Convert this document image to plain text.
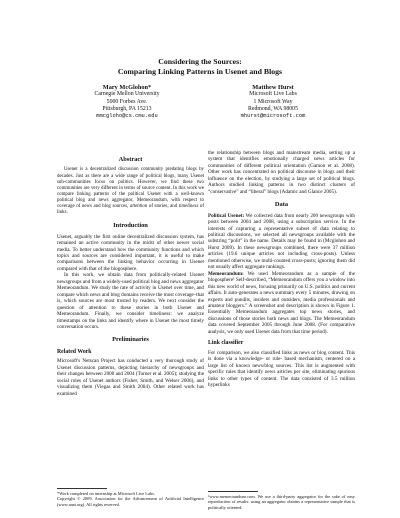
Considering the Sources:
Comparing Linking Patterns in Usenet and Blogs
Mary McGlohon*
Carnegie Mellon University
5000 Forbes Ave.
Pittsburgh, PA 15213
mmcgloho@cs.cmu.edu
Matthew Hurst
Microsoft Live Labs
1 Microsoft Way
Redmond, WA 98005
mhurst@microsoft.com
Abstract

Usenet is a decentralized discussion community predating blogs by decades. Just as there are a wide range of political blogs, many Usenet sub-communities focus on politics. However, we find these two communities are very different in terms of source content. In this work we compare linking patterns of the political Usenet with a well-known political blog and news aggregator, Memeorandum, with respect to coverage of news and blog sources, attention of stories, and timeliness of links.

Introduction

Usenet, arguably the first online decentralized discussion system, has remained an active community in the midst of other newer social media. To better understand how the community functions and which topics and sources are considered important, it is useful to make comparisons between the linking behavior occurring in Usenet compared with that of the blogosphere.

In this work, we obtain data from politically-related Usenet newsgroups and from a widely-used political blog and news aggregator Memeorandum. We study the rate of activity in Usenet over time, and compare which news and blog domains receive the most coverage–that is, which sources are most trusted by readers. We next consider the question of attention to these stories in both Usenet and Memeorandum. Finally, we consider timeliness: we analyze timestamps on the links and identify where in Usenet the most timely conversation occurs.

Preliminaries
Related Work

Microsoft's Netscan Project has conducted a very thorough study of Usenet discussion patterns, depicting hierarchy of newsgroups and their changes between 2000 and 2004 (Turner et al. 2005); studying the social roles of Usenet authors (Fisher, Smith, and Welser 2006), and visualizing them (Viegas and Smith 2004). Other related work has examined

the relationship between blogs and mainstream media, setting up a system that identifies emotionally charged news articles for communities of different political orientation (Gamon et al. 2008). Other work has concentrated on political discourse in blogs and their influence on the election, by studying a large set of political blogs. Authors studied linking patterns in two distinct clusters of “conservative” and “liberal” blogs (Adamic and Glance 2005).

Data

Political Usenet: We collected data from nearly 200 newsgroups with posts between 2004 and 2008, using a subscription service. In the interests of capturing a representative subset of data relating to political discussions, we selected all newsgroups available with the substring “polit” in the name. Details may be found in (Mcglohon and Hurst 2009). In these newsgroups combined, there were 37 million articles (19.6 unique articles not including cross-posts). Unless mentioned otherwise, we multi-counted cross-posts; ignoring them did not usually affect aggregate rankings.

Memeorandum: We used Memeorandum as a sample of the blogosphere¹ Self-described, “Memeorandum offers you a window into this new world of news, focusing primarily on U.S. politics and current affairs. It auto-generates a news summary every 5 minutes, drawing on experts and pundits, insiders and outsiders, media professionals and amateur bloggers.” A screenshot and description is shown in Figure 1. Essentially Memeorandum aggregates top news stories, and discussions of those stories both news and blogs. The Memeorandum data covered September 2005 through June 2008. (For comparative analysis, we only used Usenet data from that time period).

Link classifier

For comparison, we also classified links as news or blog content. This is done via a knowledge- or rule- based mechanism, centered on a large list of known news/blog sources. This list is augmented with specific rules that identify news articles per site, eliminating spurious links to other types of content. The data consisted of 3.5 million hyperlinks

*Work completed on internship at Microsoft Live Labs.

Copyright © 2009, Association for the Advancement of Artificial Intelligence (www.aaai.org). All rights reserved.

¹www.memeorandum.com. We use a third-party aggregator for the sake of easy reproduction of results: using an aggregator obtains a representative sample that is politically oriented.
